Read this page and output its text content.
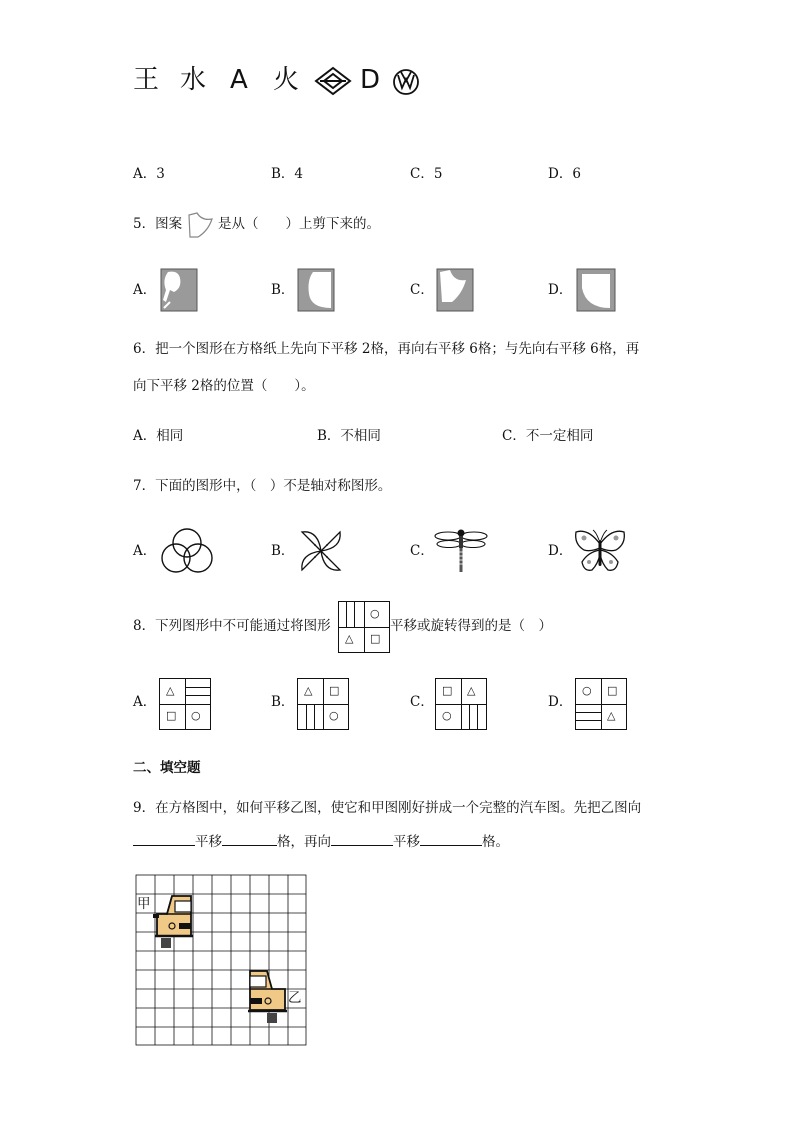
王 水 A 火 D
A．3	B．4	C．5	D．6
5．图案	是从（　　）上剪下来的。
A．	B．	C．	D．
6．把一个图形在方格纸上先向下平移 2格，再向右平移 6格；与先向右平移 6格，再
向下平移 2格的位置（　　）。
A．相同	B．不相同	C．不一定相同
7．下面的图形中，（　）不是轴对称图形。
A．	B．	C．	D．
8．下列图形中不可能通过将图形
○
△ □
平移或旋转得到的是（　）
A．
△
□ ○
B．
△ □
○
C．
□ △
○
D．
○ □
△
二、填空题
9．在方格图中，如何平移乙图，使它和甲图刚好拼成一个完整的汽车图。先把乙图向
平移	格，再向	平移	格。
甲
乙
